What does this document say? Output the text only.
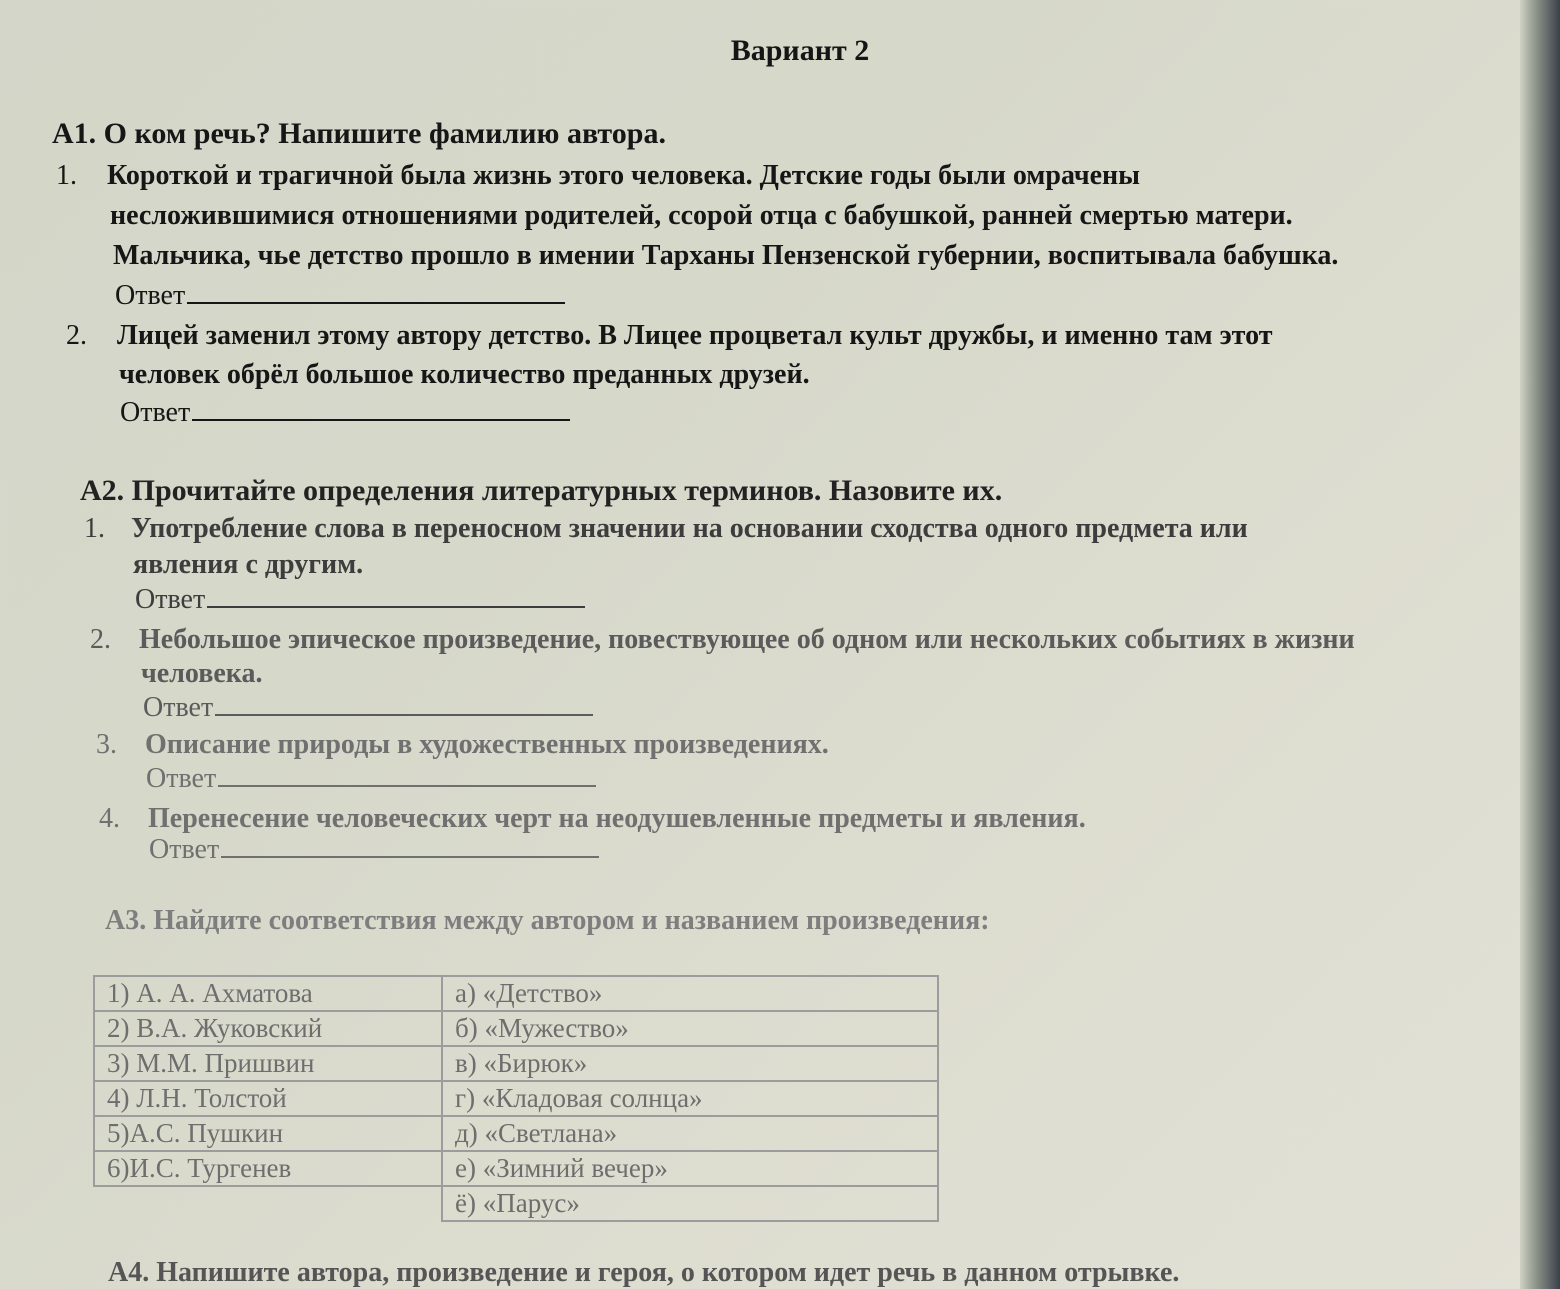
Вариант 2
А1. О ком речь? Напишите фамилию автора.
1. Короткой и трагичной была жизнь этого человека. Детские годы были омрачены
несложившимися отношениями родителей, ссорой отца с бабушкой, ранней смертью матери.
Мальчика, чье детство прошло в имении Тарханы Пензенской губернии, воспитывала бабушка.
Ответ
2. Лицей заменил этому автору детство. В Лицее процветал культ дружбы, и именно там этот
человек обрёл большое количество преданных друзей.
Ответ
А2. Прочитайте определения литературных терминов. Назовите их.
1. Употребление слова в переносном значении на основании сходства одного предмета или
явления с другим.
Ответ
2. Небольшое эпическое произведение, повествующее об одном или нескольких событиях в жизни
человека.
Ответ
3. Описание природы в художественных произведениях.
Ответ
4. Перенесение человеческих черт на неодушевленные предметы и явления.
Ответ
А3. Найдите соответствия между автором и названием произведения:
1) А. А. Ахматова	а) «Детство»
2) В.А. Жуковский	б) «Мужество»
3) М.М. Пришвин	в) «Бирюк»
4) Л.Н. Толстой	г) «Кладовая солнца»
5)А.С. Пушкин	д) «Светлана»
6)И.С. Тургенев	е) «Зимний вечер»
	ё) «Парус»
А4. Напишите автора, произведение и героя, о котором идет речь в данном отрывке.
